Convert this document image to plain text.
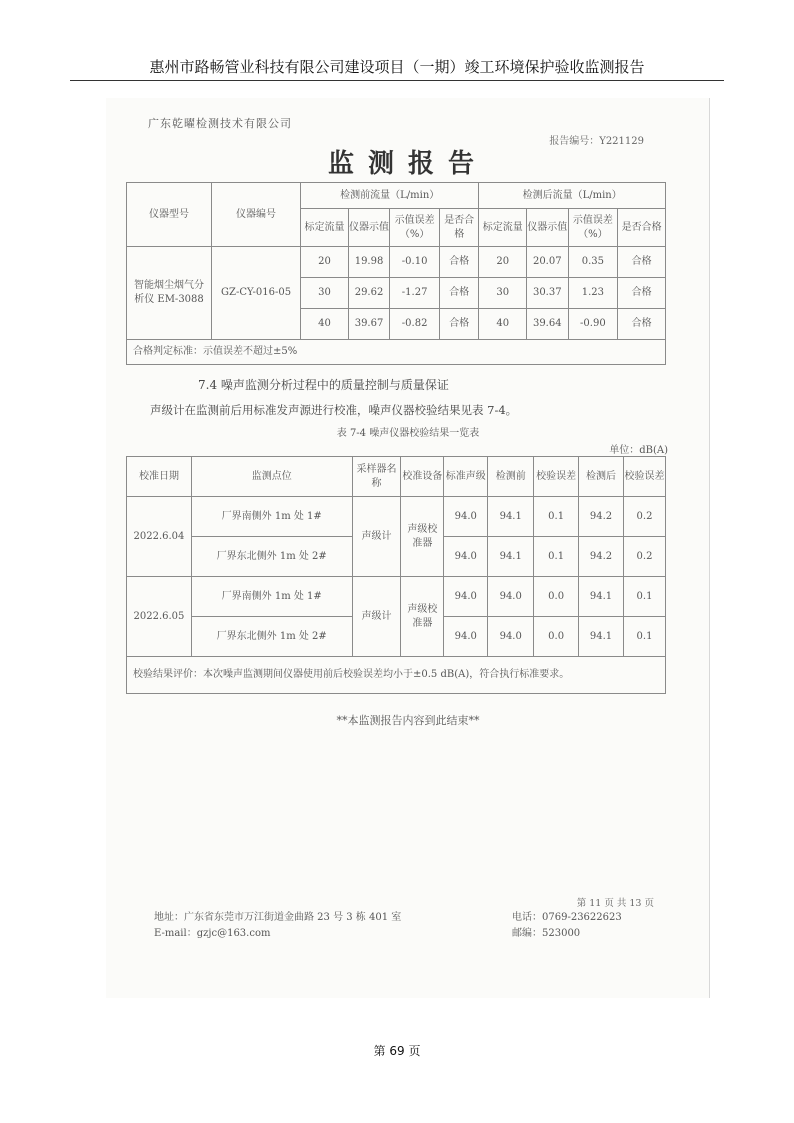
惠州市路畅管业科技有限公司建设项目（一期）竣工环境保护验收监测报告
广东乾曜检测技术有限公司
报告编号：Y221129
监测报告
仪器型号	仪器编号	检测前流量（L/min）				检测后流量（L/min）			
		标定流量	仪器示值	示值误差（%）	是否合格	标定流量	仪器示值	示值误差（%）	是否合格
智能烟尘烟气分析仪 EM-3088	GZ-CY-016-05	20	19.98	-0.10	合格	20	20.07	0.35	合格
		30	29.62	-1.27	合格	30	30.37	1.23	合格
		40	39.67	-0.82	合格	40	39.64	-0.90	合格
合格判定标准：示值误差不超过±5%									
7.4 噪声监测分析过程中的质量控制与质量保证
声级计在监测前后用标准发声源进行校准，噪声仪器校验结果见表 7-4。
表 7-4 噪声仪器校验结果一览表
单位：dB(A)
校准日期	监测点位	采样器名称	校准设备	标准声级	检测前	校验误差	检测后	校验误差
2022.6.04	厂界南侧外 1m 处 1#	声级计	声级校准器	94.0	94.1	0.1	94.2	0.2
	厂界东北侧外 1m 处 2#			94.0	94.1	0.1	94.2	0.2
2022.6.05	厂界南侧外 1m 处 1#	声级计	声级校准器	94.0	94.0	0.0	94.1	0.1
	厂界东北侧外 1m 处 2#			94.0	94.0	0.0	94.1	0.1
校验结果评价：本次噪声监测期间仪器使用前后校验误差均小于±0.5 dB(A)，符合执行标准要求。								
**本监测报告内容到此结束**
第 11 页 共 13 页
地址：广东省东莞市万江街道金曲路 23 号 3 栋 401 室
E-mail：gzjc@163.com
电话：0769-23622623
邮编：523000
第 69 页
